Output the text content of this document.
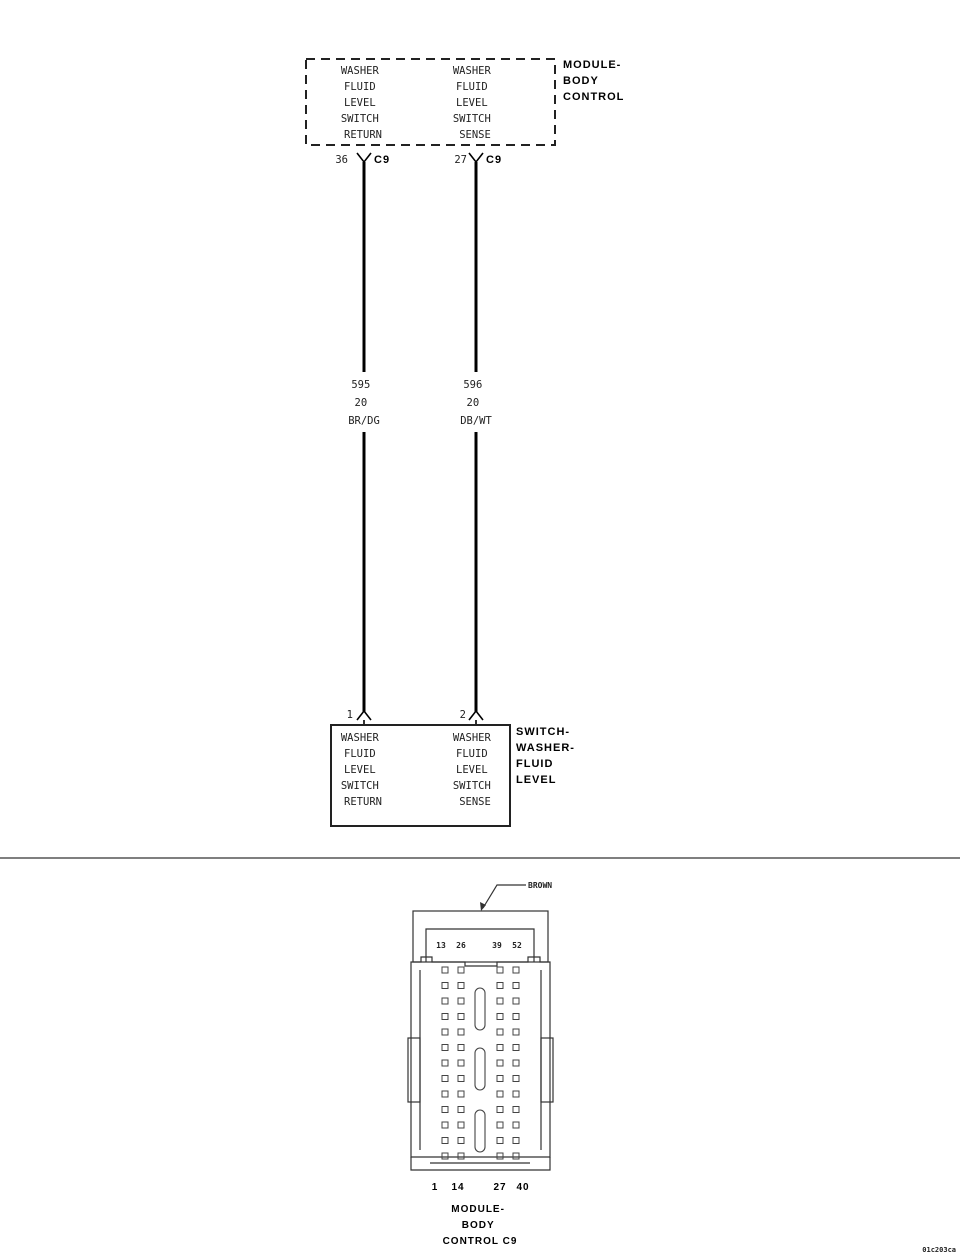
WASHER FLUID LEVEL SWITCH RETURN
WASHER FLUID LEVEL SWITCH SENSE
MODULE- BODY CONTROL
36 C9	27 C9
595 20 BR/DG
596 20 DB/WT
1	2
WASHER FLUID LEVEL SWITCH RETURN
WASHER FLUID LEVEL SWITCH SENSE
SWITCH- WASHER- FLUID LEVEL
BROWN
13 26	39 52
1 14	27 40
MODULE- BODY CONTROL C9
01c203ca
